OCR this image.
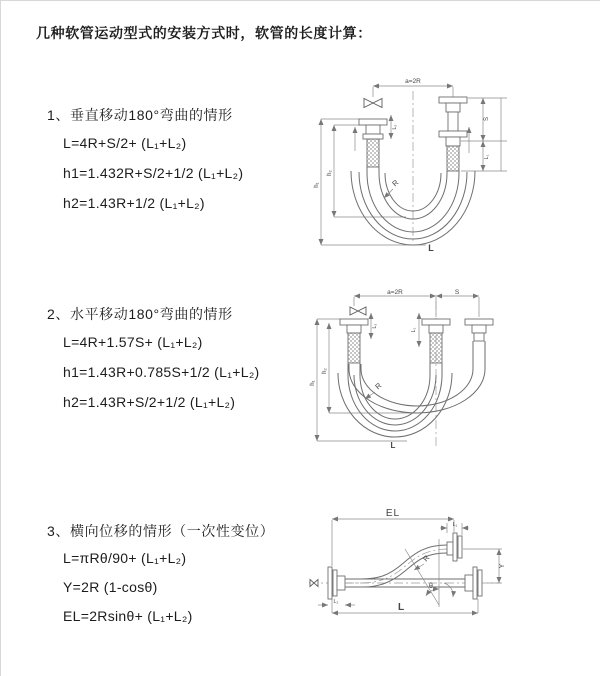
几种软管运动型式的安装方式时，软管的长度计算：
1、垂直移动180°弯曲的情形
L=4R+S/2+ (L₁+L₂)
h1=1.432R+S/2+1/2 (L₁+L₂)
h2=1.43R+1/2 (L₁+L₂)
2、水平移动180°弯曲的情形
L=4R+1.57S+ (L₁+L₂)
h1=1.43R+0.785S+1/2 (L₁+L₂)
h2=1.43R+S/2+1/2 (L₁+L₂)
3、横向位移的情形（一次性变位）
L=πRθ/90+ (L₁+L₂)
Y=2R (1-cosθ)
EL=2Rsinθ+ (L₁+L₂)
a=2R
h₁
h₂
L₂
S
L₁
R
L
a=2R	S
h₁
h₂
L₂
L₁
R
L
EL
L₁
Y
L
L₂
θ
R
